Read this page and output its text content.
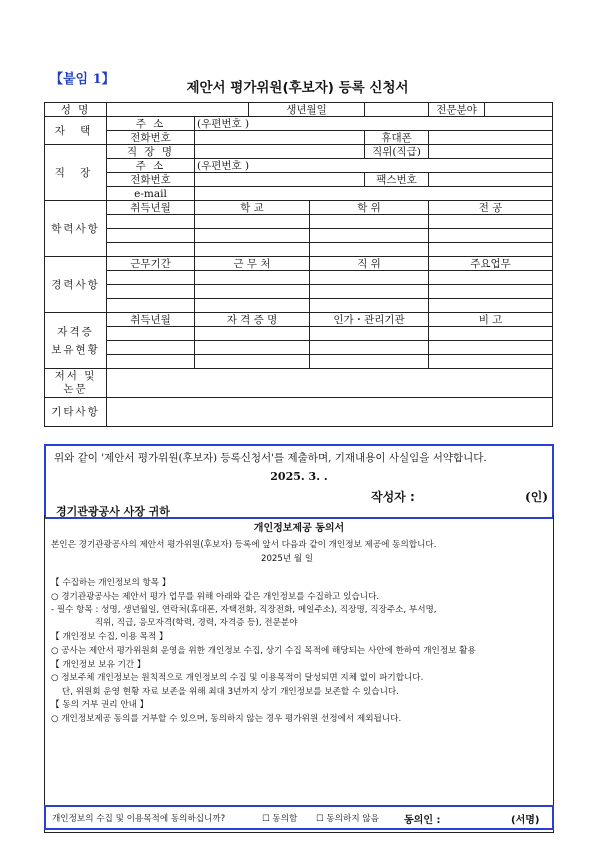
【붙임 1】
제안서 평가위원(후보자) 등록 신청서
성 명			생년월일			전문분야	
자 택	주 소	(우편번호 )					
	전화번호				휴대폰		
직 장	직 장 명				직위(직급)		
	주 소	(우편번호 )					
	전화번호				팩스번호		
	e-mail						
학력사항	취득년월	학 교		학 위		전 공	

경력사항	근무기간	근 무 처		직 위		주요업무	

자격증
보유현황	취득년월	자 격 증 명		인가・관리기관		비 고	

저서 및
논문							

기타사항							
위와 같이 '제안서 평가위원(후보자) 등록신청서'를 제출하며, 기재내용이 사실임을 서약합니다.
2025. 3. .
작성자 :	(인)
경기관광공사 사장 귀하
개인정보제공 동의서
본인은 경기관광공사의 제안서 평가위원(후보자) 등록에 앞서 다음과 같이 개인정보 제공에 동의합니다.
2025년 월 일
【 수집하는 개인정보의 항목 】
○ 경기관광공사는 제안서 평가 업무를 위해 아래와 같은 개인정보를 수집하고 있습니다.
- 필수 항목 : 성명, 생년월일, 연락처(휴대폰, 자택전화, 직장전화, 메일주소), 직장명, 직장주소, 부서명,
직위, 직급, 응모자격(학력, 경력, 자격증 등), 전문분야
【 개인정보 수집, 이용 목적 】
○ 공사는 제안서 평가위원회 운영을 위한 개인정보 수집, 상기 수집 목적에 해당되는 사안에 한하여 개인정보 활용
【 개인정보 보유 기간 】
○ 정보주체 개인정보는 원칙적으로 개인정보의 수집 및 이용목적이 달성되면 지체 없이 파기합니다.
단, 위원회 운영 현황 자료 보존을 위해 최대 3년까지 상기 개인정보를 보존할 수 있습니다.
【 동의 거부 권리 안내 】
○ 개인정보제공 동의를 거부할 수 있으며, 동의하지 않는 경우 평가위원 선정에서 제외됩니다.
개인정보의 수집 및 이용목적에 동의하십니까?	☐ 동의함 ☐ 동의하지 않음	동의인 :	(서명)
